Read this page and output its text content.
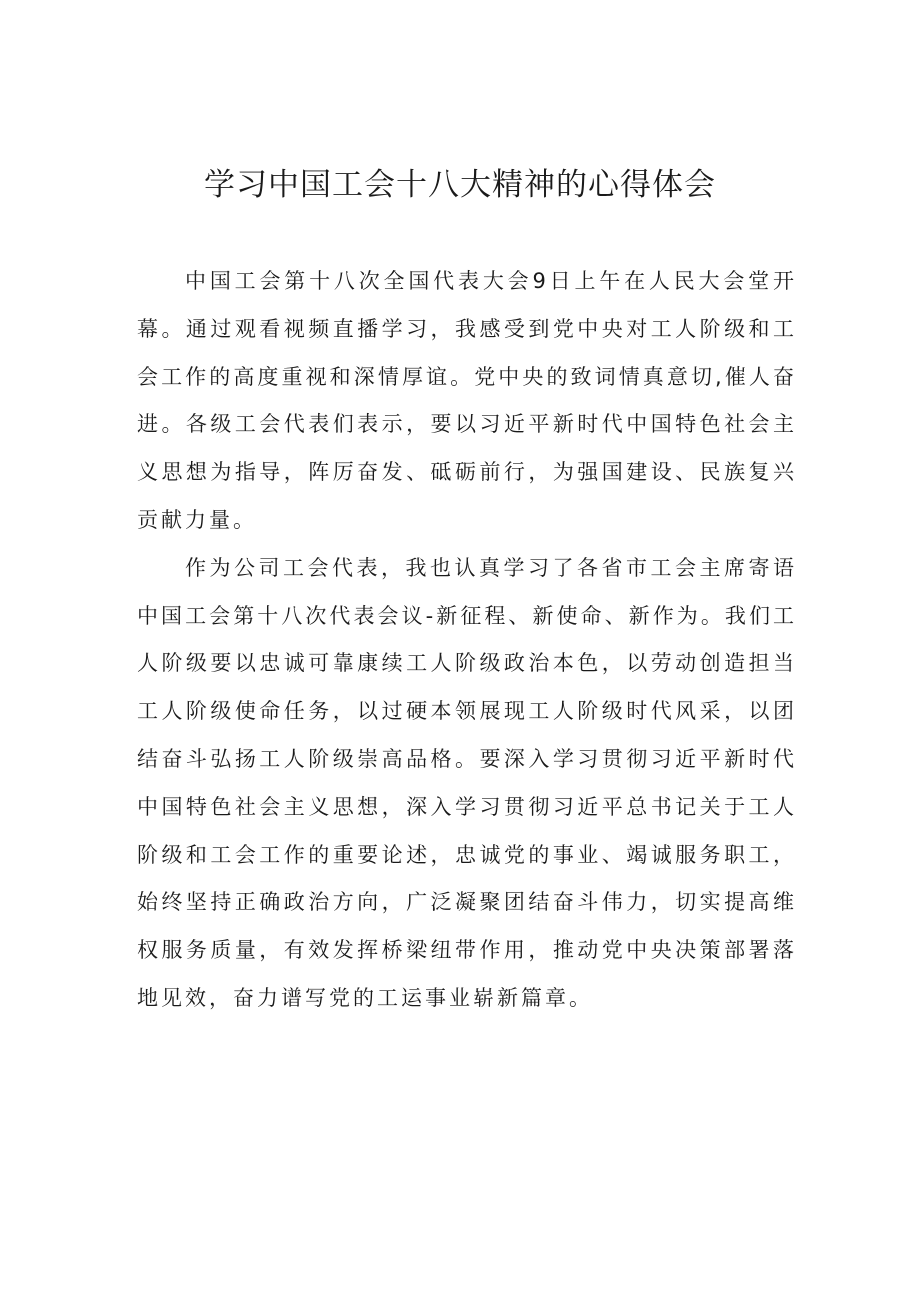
学习中国工会十八大精神的心得体会

中国工会第十八次全国代表大会9日上午在人民大会堂开幕。通过观看视频直播学习，我感受到党中央对工人阶级和工会工作的高度重视和深情厚谊。党中央的致词情真意切,催人奋进。各级工会代表们表示，要以习近平新时代中国特色社会主义思想为指导，阵厉奋发、砥砺前行，为强国建设、民族复兴贡献力量。

作为公司工会代表，我也认真学习了各省市工会主席寄语中国工会第十八次代表会议-新征程、新使命、新作为。我们工人阶级要以忠诚可靠康续工人阶级政治本色，以劳动创造担当工人阶级使命任务，以过硬本领展现工人阶级时代风采，以团结奋斗弘扬工人阶级崇高品格。要深入学习贯彻习近平新时代中国特色社会主义思想，深入学习贯彻习近平总书记关于工人阶级和工会工作的重要论述，忠诚党的事业、竭诚服务职工，始终坚持正确政治方向，广泛凝聚团结奋斗伟力，切实提高维权服务质量，有效发挥桥梁纽带作用，推动党中央决策部署落地见效，奋力谱写党的工运事业崭新篇章。
